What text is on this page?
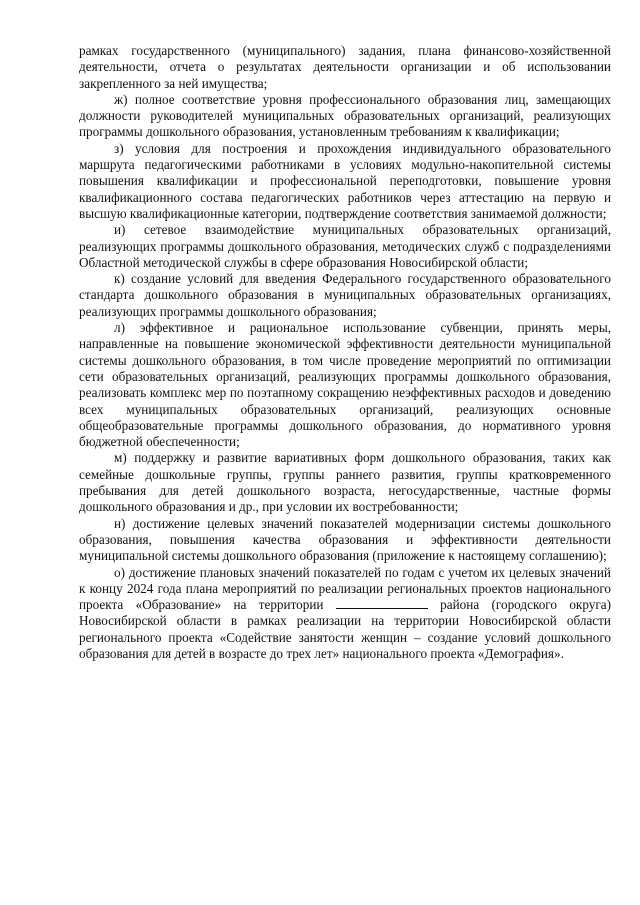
рамках государственного (муниципального) задания, плана финансово-хозяйственной деятельности, отчета о результатах деятельности организации и об использовании закрепленного за ней имущества;

ж) полное соответствие уровня профессионального образования лиц, замещающих должности руководителей муниципальных образовательных организаций, реализующих программы дошкольного образования, установленным требованиям к квалификации;

з) условия для построения и прохождения индивидуального образовательного маршрута педагогическими работниками в условиях модульно-накопительной системы повышения квалификации и профессиональной переподготовки, повышение уровня квалификационного состава педагогических работников через аттестацию на первую и высшую квалификационные категории, подтверждение соответствия занимаемой должности;

и) сетевое взаимодействие муниципальных образовательных организаций, реализующих программы дошкольного образования, методических служб с подразделениями Областной методической службы в сфере образования Новосибирской области;

к) создание условий для введения Федерального государственного образовательного стандарта дошкольного образования в муниципальных образовательных организациях, реализующих программы дошкольного образования;

л) эффективное и рациональное использование субвенции, принять меры, направленные на повышение экономической эффективности деятельности муниципальной системы дошкольного образования, в том числе проведение мероприятий по оптимизации сети образовательных организаций, реализующих программы дошкольного образования, реализовать комплекс мер по поэтапному сокращению неэффективных расходов и доведению всех муниципальных образовательных организаций, реализующих основные общеобразовательные программы дошкольного образования, до нормативного уровня бюджетной обеспеченности;

м) поддержку и развитие вариативных форм дошкольного образования, таких как семейные дошкольные группы, группы раннего развития, группы кратковременного пребывания для детей дошкольного возраста, негосударственные, частные формы дошкольного образования и др., при условии их востребованности;

н) достижение целевых значений показателей модернизации системы дошкольного образования, повышения качества образования и эффективности деятельности муниципальной системы дошкольного образования (приложение к настоящему соглашению);

о) достижение плановых значений показателей по годам с учетом их целевых значений к концу 2024 года плана мероприятий по реализации региональных проектов национального проекта «Образование» на территории	района (городского округа) Новосибирской области в рамках реализации на территории Новосибирской области регионального проекта «Содействие занятости женщин – создание условий дошкольного образования для детей в возрасте до трех лет» национального проекта «Демография».
